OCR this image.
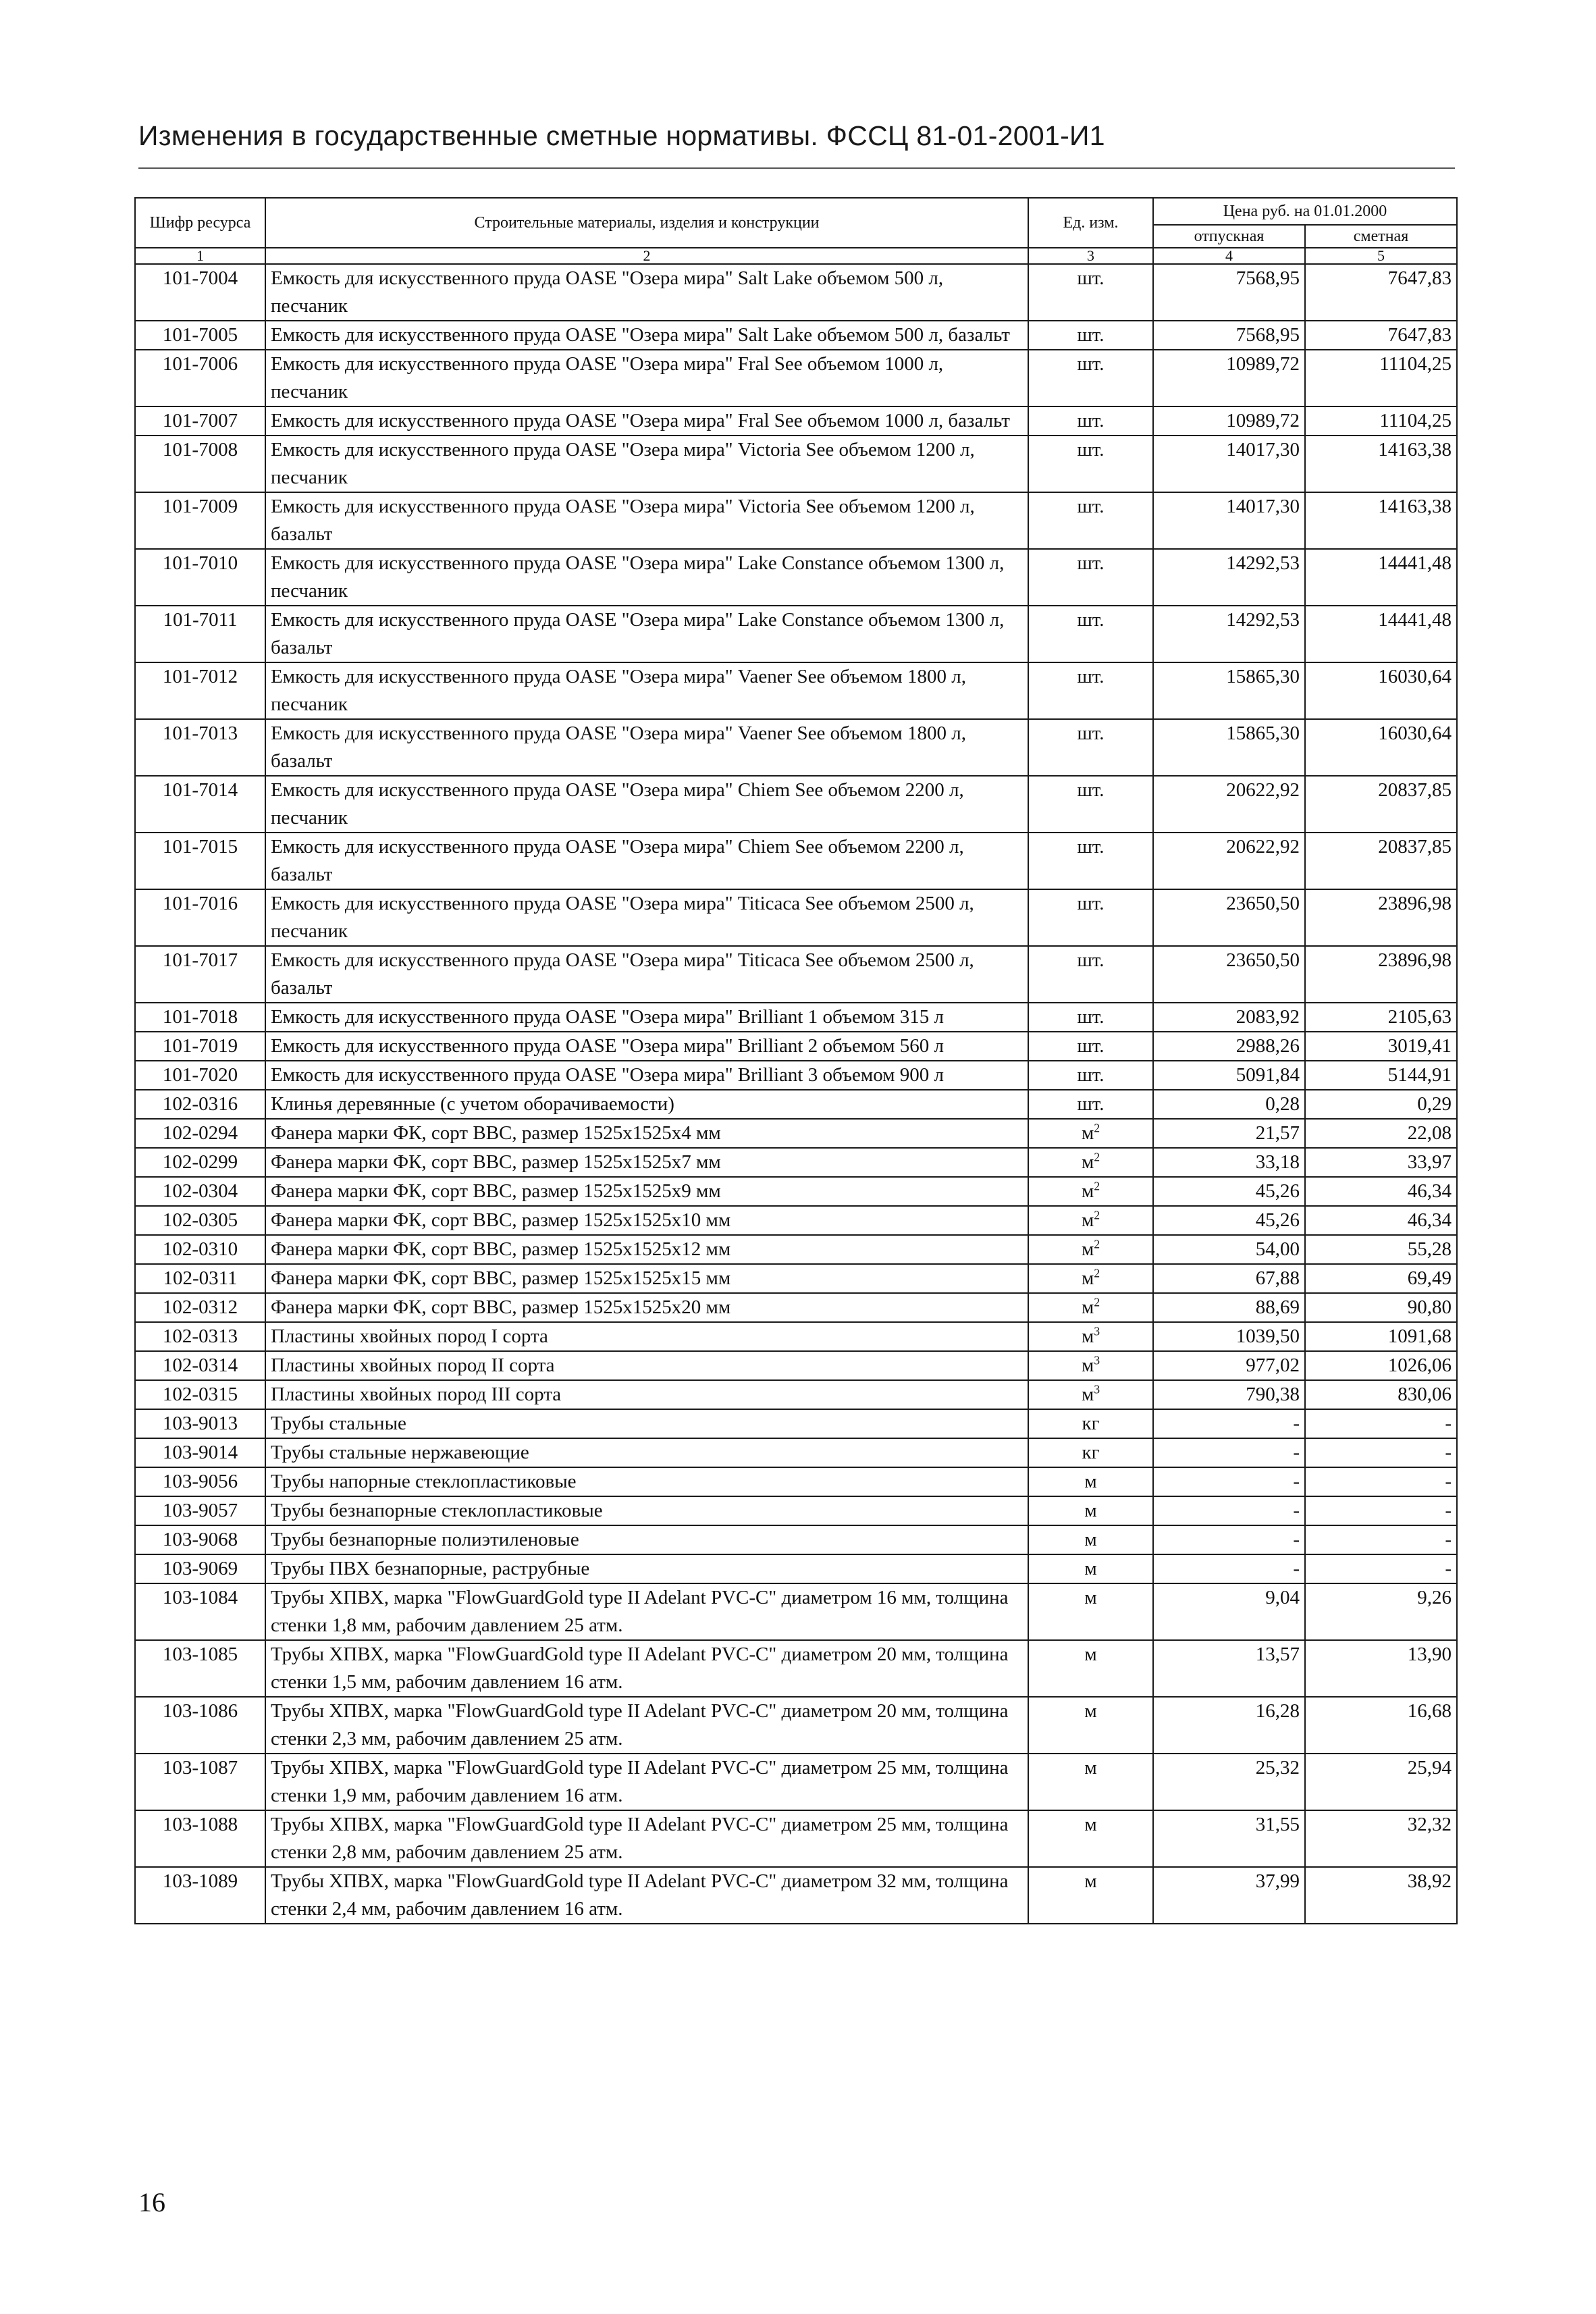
Изменения в государственные сметные нормативы. ФССЦ 81-01-2001-И1
Шифр ресурса	Строительные материалы, изделия и конструкции	Ед. изм.	Цена руб. на 01.01.2000	
			отпускная	сметная
1	2	3	4	5
101-7004	Емкость для искусственного пруда OASE "Озера мира" Salt Lake объемом 500 л, песчаник	шт.	7568,95	7647,83
101-7005	Емкость для искусственного пруда OASE "Озера мира" Salt Lake объемом 500 л, базальт	шт.	7568,95	7647,83
101-7006	Емкость для искусственного пруда OASE "Озера мира" Fral See объемом 1000 л, песчаник	шт.	10989,72	11104,25
101-7007	Емкость для искусственного пруда OASE "Озера мира" Fral See объемом 1000 л, базальт	шт.	10989,72	11104,25
101-7008	Емкость для искусственного пруда OASE "Озера мира" Victoria See объемом 1200 л, песчаник	шт.	14017,30	14163,38
101-7009	Емкость для искусственного пруда OASE "Озера мира" Victoria See объемом 1200 л, базальт	шт.	14017,30	14163,38
101-7010	Емкость для искусственного пруда OASE "Озера мира" Lake Constance объемом 1300 л, песчаник	шт.	14292,53	14441,48
101-7011	Емкость для искусственного пруда OASE "Озера мира" Lake Constance объемом 1300 л, базальт	шт.	14292,53	14441,48
101-7012	Емкость для искусственного пруда OASE "Озера мира" Vaener See объемом 1800 л, песчаник	шт.	15865,30	16030,64
101-7013	Емкость для искусственного пруда OASE "Озера мира" Vaener See объемом 1800 л, базальт	шт.	15865,30	16030,64
101-7014	Емкость для искусственного пруда OASE "Озера мира" Chiem See объемом 2200 л, песчаник	шт.	20622,92	20837,85
101-7015	Емкость для искусственного пруда OASE "Озера мира" Chiem See объемом 2200 л, базальт	шт.	20622,92	20837,85
101-7016	Емкость для искусственного пруда OASE "Озера мира" Titicaca See объемом 2500 л, песчаник	шт.	23650,50	23896,98
101-7017	Емкость для искусственного пруда OASE "Озера мира" Titicaca See объемом 2500 л, базальт	шт.	23650,50	23896,98
101-7018	Емкость для искусственного пруда OASE "Озера мира" Brilliant 1 объемом 315 л	шт.	2083,92	2105,63
101-7019	Емкость для искусственного пруда OASE "Озера мира" Brilliant 2 объемом 560 л	шт.	2988,26	3019,41
101-7020	Емкость для искусственного пруда OASE "Озера мира" Brilliant 3 объемом 900 л	шт.	5091,84	5144,91
102-0316	Клинья деревянные (с учетом оборачиваемости)	шт.	0,28	0,29
102-0294	Фанера марки ФК, сорт ВВС, размер 1525х1525х4 мм	$м^2$	21,57	22,08
102-0299	Фанера марки ФК, сорт ВВС, размер 1525х1525х7 мм	$м^2$	33,18	33,97
102-0304	Фанера марки ФК, сорт ВВС, размер 1525х1525х9 мм	$м^2$	45,26	46,34
102-0305	Фанера марки ФК, сорт ВВС, размер 1525х1525х10 мм	$м^2$	45,26	46,34
102-0310	Фанера марки ФК, сорт ВВС, размер 1525х1525х12 мм	$м^2$	54,00	55,28
102-0311	Фанера марки ФК, сорт ВВС, размер 1525х1525х15 мм	$м^2$	67,88	69,49
102-0312	Фанера марки ФК, сорт ВВС, размер 1525х1525х20 мм	$м^2$	88,69	90,80
102-0313	Пластины хвойных пород I сорта	$м^3$	1039,50	1091,68
102-0314	Пластины хвойных пород II сорта	$м^3$	977,02	1026,06
102-0315	Пластины хвойных пород III сорта	$м^3$	790,38	830,06
103-9013	Трубы стальные	кг	-	-
103-9014	Трубы стальные нержавеющие	кг	-	-
103-9056	Трубы напорные стеклопластиковые	м	-	-
103-9057	Трубы безнапорные стеклопластиковые	м	-	-
103-9068	Трубы безнапорные полиэтиленовые	м	-	-
103-9069	Трубы ПВХ безнапорные, раструбные	м	-	-
103-1084	Трубы ХПВХ, марка "FlowGuardGold type II Adelant PVC-C" диаметром 16 мм, толщина стенки 1,8 мм, рабочим давлением 25 атм.	м	9,04	9,26
103-1085	Трубы ХПВХ, марка "FlowGuardGold type II Adelant PVC-C" диаметром 20 мм, толщина стенки 1,5 мм, рабочим давлением 16 атм.	м	13,57	13,90
103-1086	Трубы ХПВХ, марка "FlowGuardGold type II Adelant PVC-C" диаметром 20 мм, толщина стенки 2,3 мм, рабочим давлением 25 атм.	м	16,28	16,68
103-1087	Трубы ХПВХ, марка "FlowGuardGold type II Adelant PVC-C" диаметром 25 мм, толщина стенки 1,9 мм, рабочим давлением 16 атм.	м	25,32	25,94
103-1088	Трубы ХПВХ, марка "FlowGuardGold type II Adelant PVC-C" диаметром 25 мм, толщина стенки 2,8 мм, рабочим давлением 25 атм.	м	31,55	32,32
103-1089	Трубы ХПВХ, марка "FlowGuardGold type II Adelant PVC-C" диаметром 32 мм, толщина стенки 2,4 мм, рабочим давлением 16 атм.	м	37,99	38,92
16
